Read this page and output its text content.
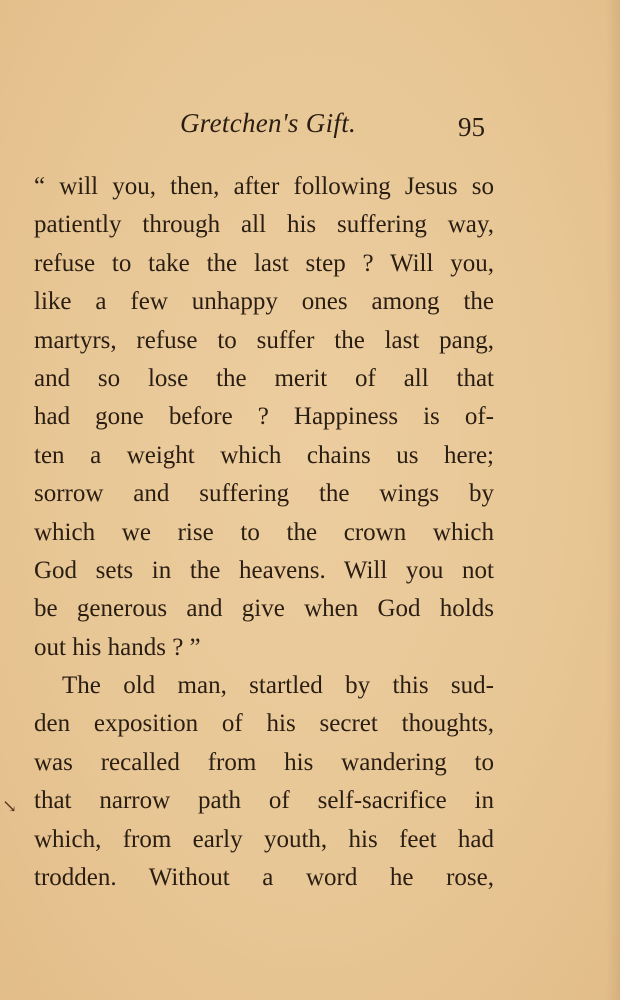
Gretchen's Gift.	95
“ will you, then, after following Jesus so
patiently through all his suffering way,
refuse to take the last step ? Will you,
like a few unhappy ones among the
martyrs, refuse to suffer the last pang,
and so lose the merit of all that
had gone before ? Happiness is of-
ten a weight which chains us here;
sorrow and suffering the wings by
which we rise to the crown which
God sets in the heavens. Will you not
be generous and give when God holds
out his hands ? ”
The old man, startled by this sud-
den exposition of his secret thoughts,
was recalled from his wandering to
that narrow path of self-sacrifice in
which, from early youth, his feet had
trodden. Without a word he rose,
↘
